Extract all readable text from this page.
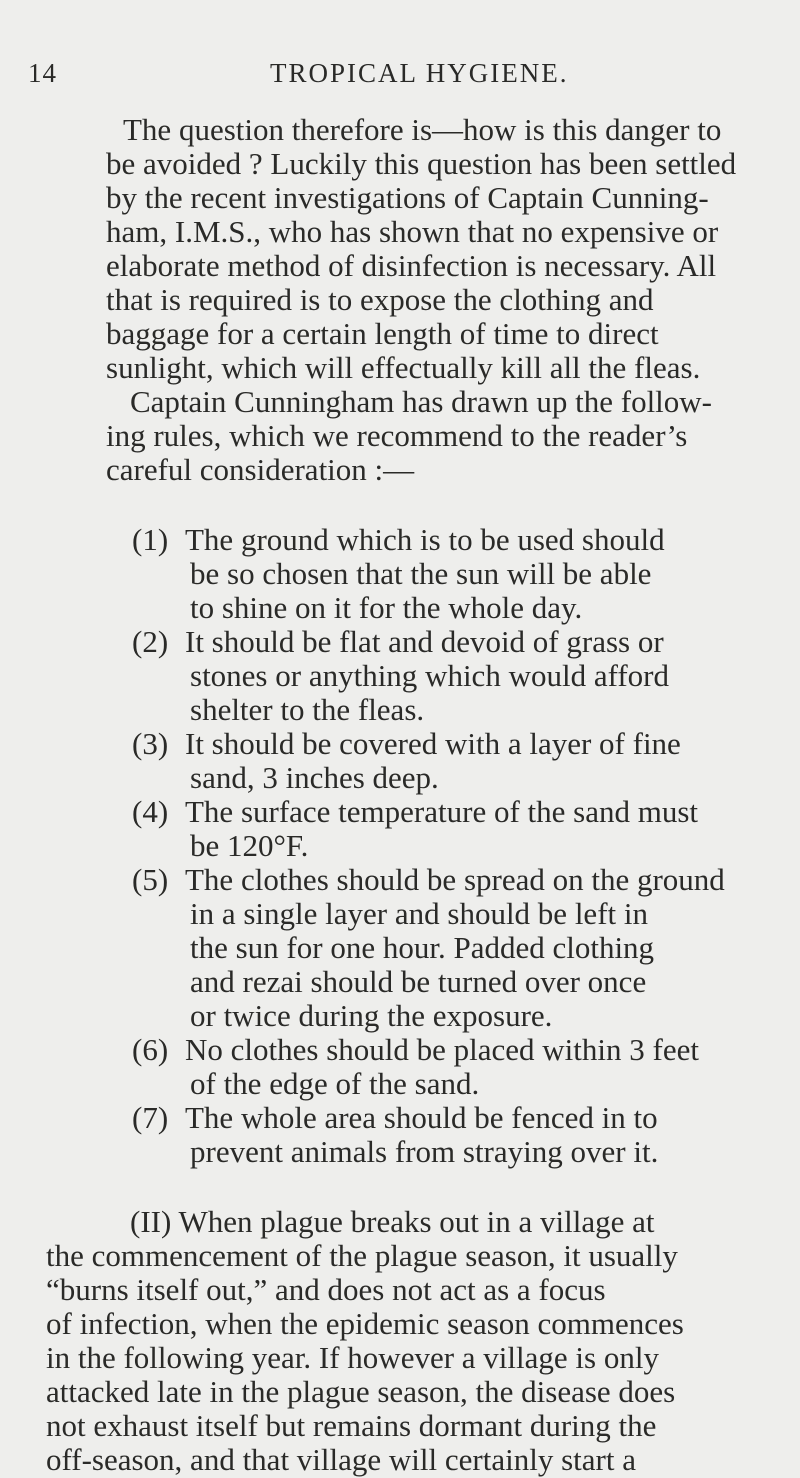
14	TROPICAL HYGIENE.
The question therefore is—how is this danger to
be avoided ? Luckily this question has been settled
by the recent investigations of Captain Cunning-
ham, I.M.S., who has shown that no expensive or
elaborate method of disinfection is necessary. All
that is required is to expose the clothing and
baggage for a certain length of time to direct
sunlight, which will effectually kill all the fleas.
Captain Cunningham has drawn up the follow-
ing rules, which we recommend to the reader’s
careful consideration :—
(1) The ground which is to be used should
be so chosen that the sun will be able
to shine on it for the whole day.
(2) It should be flat and devoid of grass or
stones or anything which would afford
shelter to the fleas.
(3) It should be covered with a layer of fine
sand, 3 inches deep.
(4) The surface temperature of the sand must
be 120°F.
(5) The clothes should be spread on the ground
in a single layer and should be left in
the sun for one hour. Padded clothing
and rezai should be turned over once
or twice during the exposure.
(6) No clothes should be placed within 3 feet
of the edge of the sand.
(7) The whole area should be fenced in to
prevent animals from straying over it.
(II) When plague breaks out in a village at
the commencement of the plague season, it usually
“burns itself out,” and does not act as a focus
of infection, when the epidemic season commences
in the following year. If however a village is only
attacked late in the plague season, the disease does
not exhaust itself but remains dormant during the
off-season, and that village will certainly start a
